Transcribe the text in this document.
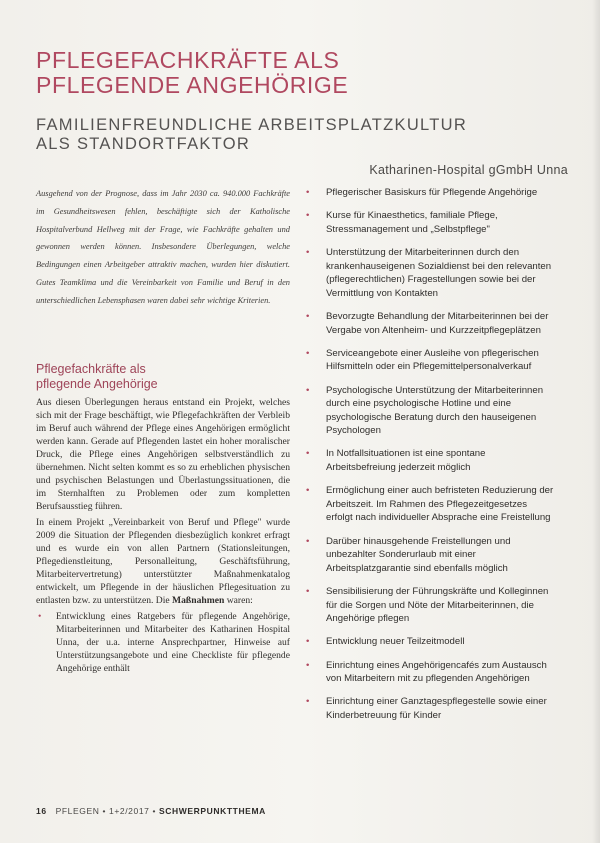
PFLEGEFACHKRÄFTE ALS
PFLEGENDE ANGEHÖRIGE
FAMILIENFREUNDLICHE ARBEITSPLATZKULTUR
ALS STANDORTFAKTOR
Katharinen-Hospital gGmbH Unna

Ausgehend von der Prognose, dass im Jahr 2030 ca. 940.000 Fachkräfte im Gesundheitswesen fehlen, beschäftigte sich der Katholische Hospitalverbund Hellweg mit der Frage, wie Fachkräfte gehalten und gewonnen werden können. Insbesondere Überlegungen, welche Bedingungen einen Arbeitgeber attraktiv machen, wurden hier diskutiert. Gutes Teamklima und die Vereinbarkeit von Familie und Beruf in den unterschiedlichen Lebensphasen waren dabei sehr wichtige Kriterien.

Pflegefachkräfte als
pflegende Angehörige

Aus diesen Überlegungen heraus entstand ein Projekt, welches sich mit der Frage beschäftigt, wie Pflegefachkräften der Verbleib im Beruf auch während der Pflege eines Angehörigen ermöglicht werden kann. Gerade auf Pflegenden lastet ein hoher moralischer Druck, die Pflege eines Angehörigen selbstverständlich zu übernehmen. Nicht selten kommt es so zu erheblichen physischen und psychischen Belastungen und Überlastungssituationen, die im Sternhalften zu Problemen oder zum kompletten Berufsausstieg führen.

In einem Projekt „Vereinbarkeit von Beruf und Pflege" wurde 2009 die Situation der Pflegenden diesbezüglich konkret erfragt und es wurde ein von allen Partnern (Stationsleitungen, Pflegedienstleitung, Personalleitung, Geschäftsführung, Mitarbeitervertretung) unterstützter Maßnahmenkatalog entwickelt, um Pflegende in der häuslichen Pflegesituation zu entlasten bzw. zu unterstützen. Die Maßnahmen waren:

• Entwicklung eines Ratgebers für pflegende Angehörige, Mitarbeiterinnen und Mitarbeiter des Katharinen Hospital Unna, der u.a. interne Ansprechpartner, Hinweise auf Unterstützungsangebote und eine Checkliste für pflegende Angehörige enthält
• Pflegerischer Basiskurs für Pflegende Angehörige
• Kurse für Kinaesthetics, familiale Pflege, Stressmanagement und „Selbstpflege"
• Unterstützung der Mitarbeiterinnen durch den krankenhauseigenen Sozialdienst bei den relevanten (pflegerechtlichen) Fragestellungen sowie bei der Vermittlung von Kontakten
• Bevorzugte Behandlung der Mitarbeiterinnen bei der Vergabe von Altenheim- und Kurzzeitpflegeplätzen
• Serviceangebote einer Ausleihe von pflegerischen Hilfsmitteln oder ein Pflegemittelpersonalverkauf
• Psychologische Unterstützung der Mitarbeiterinnen durch eine psychologische Hotline und eine psychologische Beratung durch den hauseigenen Psychologen
• In Notfallsituationen ist eine spontane Arbeitsbefreiung jederzeit möglich
• Ermöglichung einer auch befristeten Reduzierung der Arbeitszeit. Im Rahmen des Pflegezeitgesetzes erfolgt nach individueller Absprache eine Freistellung
• Darüber hinausgehende Freistellungen und unbezahlter Sonderurlaub mit einer Arbeitsplatzgarantie sind ebenfalls möglich
• Sensibilisierung der Führungskräfte und Kolleginnen für die Sorgen und Nöte der Mitarbeiterinnen, die Angehörige pflegen
• Entwicklung neuer Teilzeitmodell
• Einrichtung eines Angehörigencafés zum Austausch von Mitarbeitern mit zu pflegenden Angehörigen
• Einrichtung einer Ganztagespflegestelle sowie einer Kinderbetreuung für Kinder
16 PFLEGEN • 1+2/2017 • SCHWERPUNKTTHEMA
